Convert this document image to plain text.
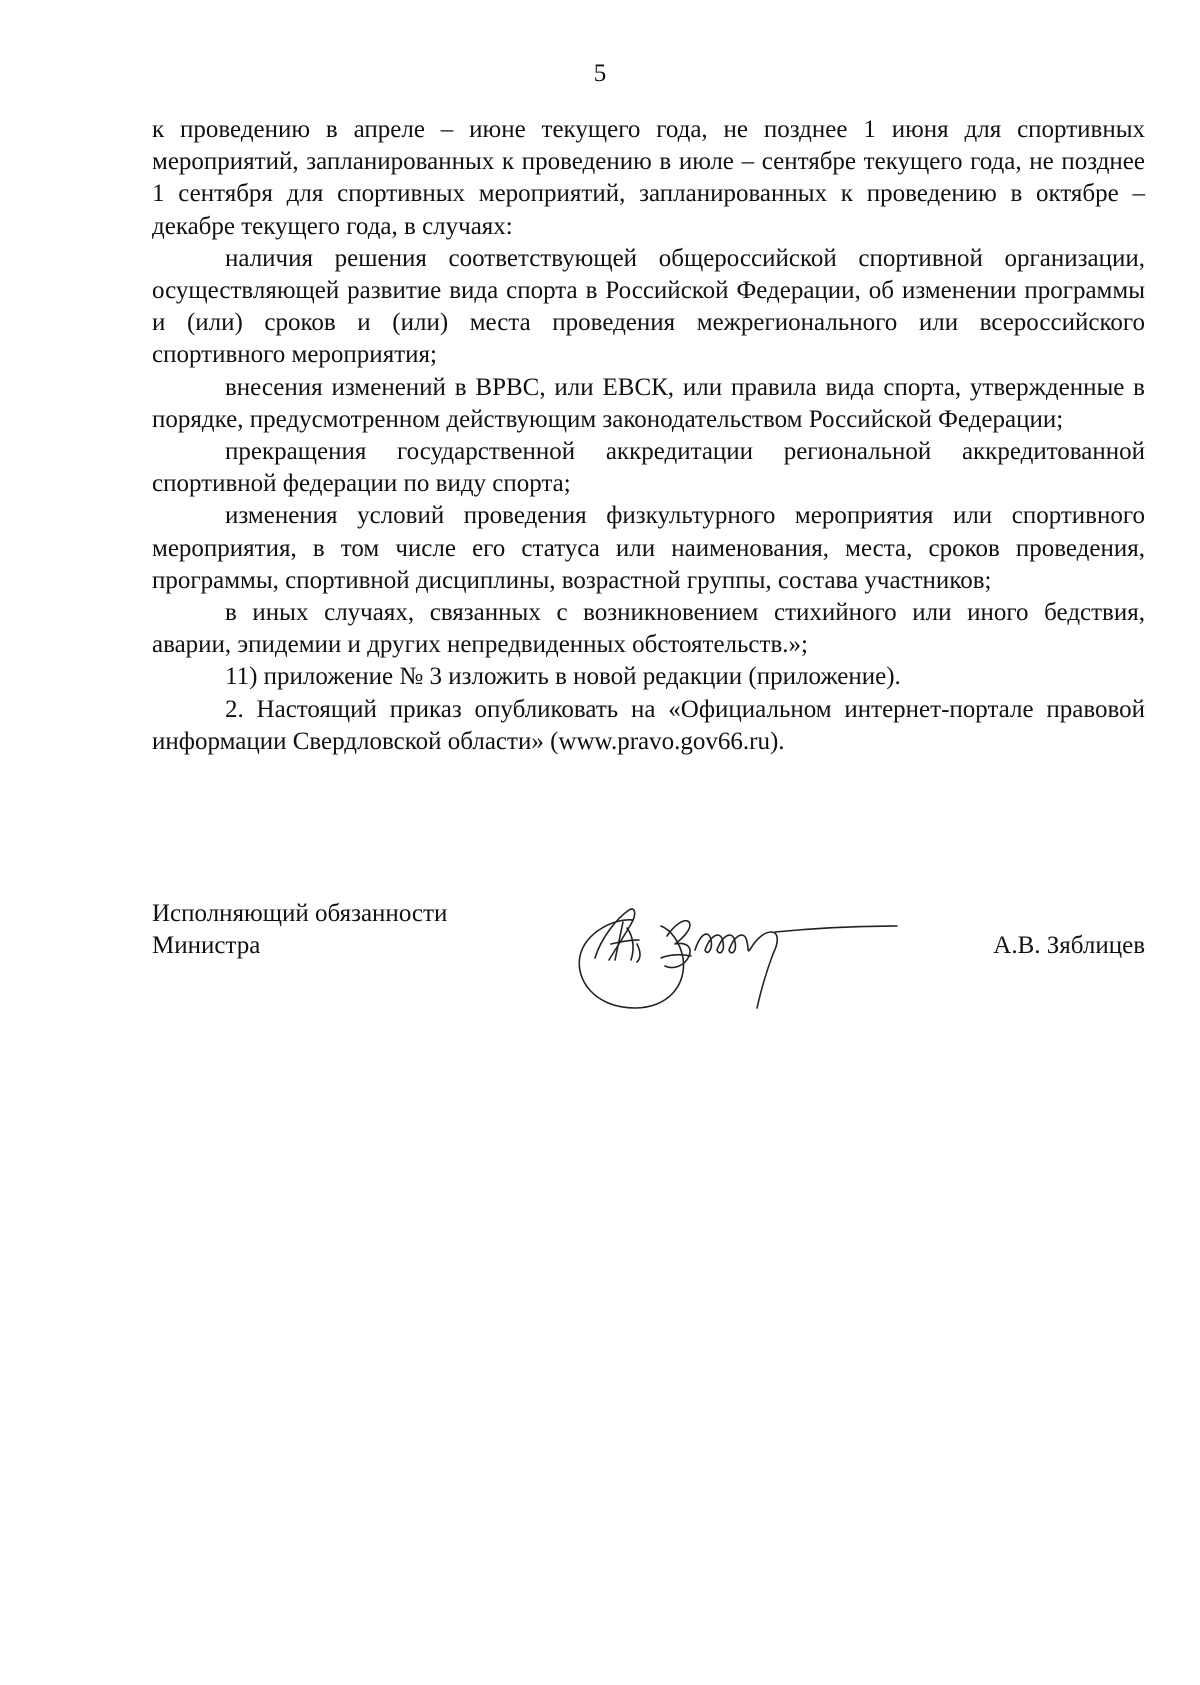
5

к проведению в апреле – июне текущего года, не позднее 1 июня для спортивных мероприятий, запланированных к проведению в июле – сентябре текущего года, не позднее 1 сентября для спортивных мероприятий, запланированных к проведению в октябре – декабре текущего года, в случаях:

наличия решения соответствующей общероссийской спортивной организации, осуществляющей развитие вида спорта в Российской Федерации, об изменении программы и (или) сроков и (или) места проведения межрегионального или всероссийского спортивного мероприятия;

внесения изменений в ВРВС, или ЕВСК, или правила вида спорта, утвержденные в порядке, предусмотренном действующим законодательством Российской Федерации;

прекращения государственной аккредитации региональной аккредитованной спортивной федерации по виду спорта;

изменения условий проведения физкультурного мероприятия или спортивного мероприятия, в том числе его статуса или наименования, места, сроков проведения, программы, спортивной дисциплины, возрастной группы, состава участников;

в иных случаях, связанных с возникновением стихийного или иного бедствия, аварии, эпидемии и других непредвиденных обстоятельств.»;

11) приложение № 3 изложить в новой редакции (приложение).

2. Настоящий приказ опубликовать на «Официальном интернет-портале правовой информации Свердловской области» (www.pravo.gov66.ru).

Исполняющий обязанности
Министра	А.В. Зяблицев
